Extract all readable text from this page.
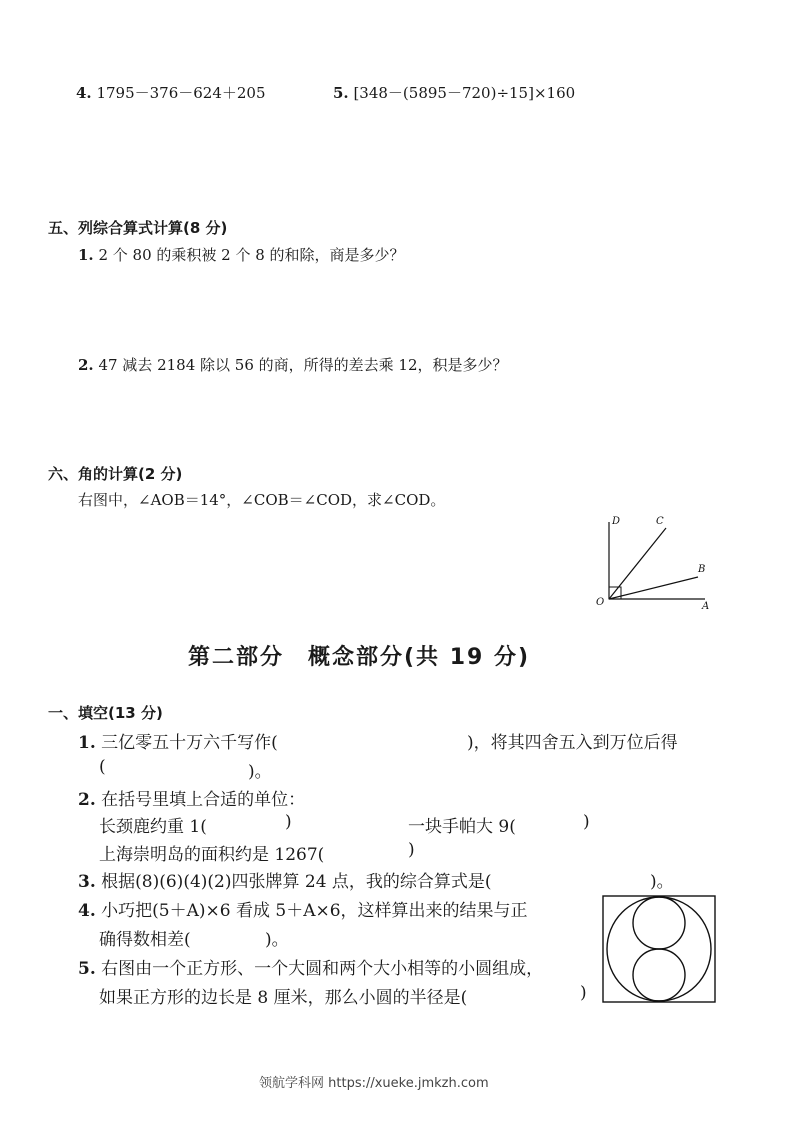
4. 1795－376－624＋205	5. [348－(5895－720)÷15]×160
五、列综合算式计算(8 分)
1. 2 个 80 的乘积被 2 个 8 的和除，商是多少？
2. 47 减去 2184 除以 56 的商，所得的差去乘 12，积是多少？
六、角的计算(2 分)
右图中，∠AOB＝14°，∠COB＝∠COD，求∠COD。
D	C
B
O	A
第二部分　概念部分(共 19 分)
一、填空(13 分)
1. 三亿零五十万六千写作(	)，将其四舍五入到万位后得
(	)。
2. 在括号里填上合适的单位：
长颈鹿约重 1(	)	一块手帕大 9(	)
上海崇明岛的面积约是 1267(	)
3. 根据(8)(6)(4)(2)四张牌算 24 点，我的综合算式是(	)。
4. 小巧把(5＋A)×6 看成 5＋A×6，这样算出来的结果与正
确得数相差(	)。
5. 右图由一个正方形、一个大圆和两个大小相等的小圆组成，
如果正方形的边长是 8 厘米，那么小圆的半径是(	)
领航学科网 https://xueke.jmkzh.com
